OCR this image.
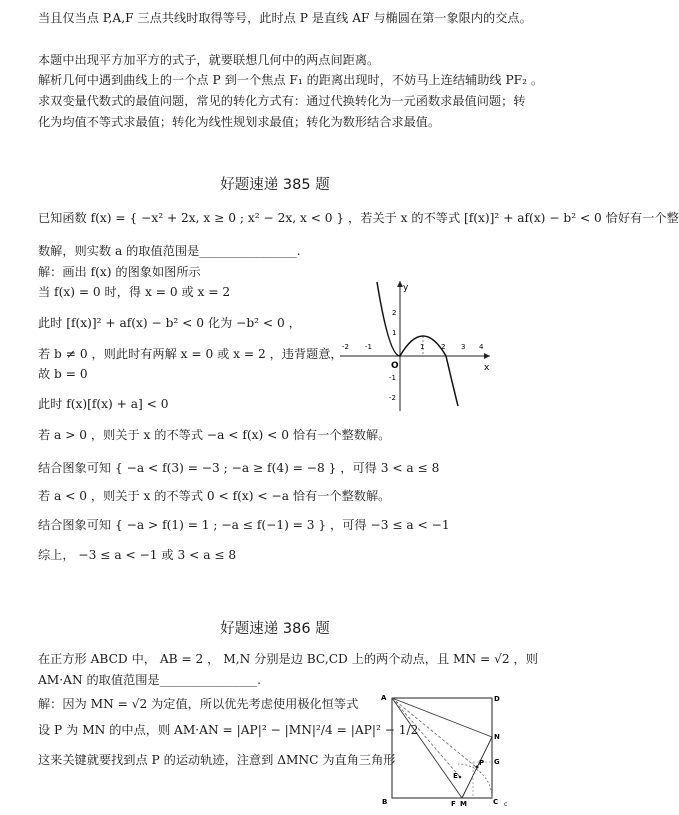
当且仅当点 P,A,F 三点共线时取得等号，此时点 P 是直线 AF 与椭圆在第一象限内的交点。
本题中出现平方加平方的式子，就要联想几何中的两点间距离。
解析几何中遇到曲线上的一个点 P 到一个焦点 F₁ 的距离出现时，不妨马上连结辅助线 PF₂ 。
求双变量代数式的最值问题，常见的转化方式有：通过代换转化为一元函数求最值问题；转
化为均值不等式求最值；转化为线性规划求最值；转化为数形结合求最值。
好题速递 385 题
已知函数 f(x) = { −x² + 2x, x ≥ 0 ; x² − 2x, x < 0 } ，若关于 x 的不等式 [f(x)]² + af(x) − b² < 0 恰好有一个整
数解，则实数 a 的取值范围是________________.
解：画出 f(x) 的图象如图所示
当 f(x) = 0 时，得 x = 0 或 x = 2
此时 [f(x)]² + af(x) − b² < 0 化为 −b² < 0 ，
若 b ≠ 0 ，则此时有两解 x = 0 或 x = 2 ，违背题意，
故 b = 0
此时 f(x)[f(x) + a] < 0
若 a > 0 ，则关于 x 的不等式 −a < f(x) < 0 恰有一个整数解。
结合图象可知 { −a < f(3) = −3 ; −a ≥ f(4) = −8 } ，可得 3 < a ≤ 8
若 a < 0 ，则关于 x 的不等式 0 < f(x) < −a 恰有一个整数解。
结合图象可知 { −a > f(1) = 1 ; −a ≤ f(−1) = 3 } ，可得 −3 ≤ a < −1
综上， −3 ≤ a < −1 或 3 < a ≤ 8
y
x
O
-2 -1	1 2 3 4
2
1
-1
-2
好题速递 386 题
在正方形 ABCD 中， AB = 2 ， M,N 分别是边 BC,CD 上的两个动点，且 MN = √2 ，则
AM·AN 的取值范围是________________.
解：因为 MN = √2 为定值，所以优先考虑使用极化恒等式
设 P 为 MN 的中点，则 AM·AN = |AP|² − |MN|²/4 = |AP|² − 1/2
这来关键就要找到点 P 的运动轨迹，注意到 ΔMNC 为直角三角形
A
B	C
D
N
P G
E
F M	c
